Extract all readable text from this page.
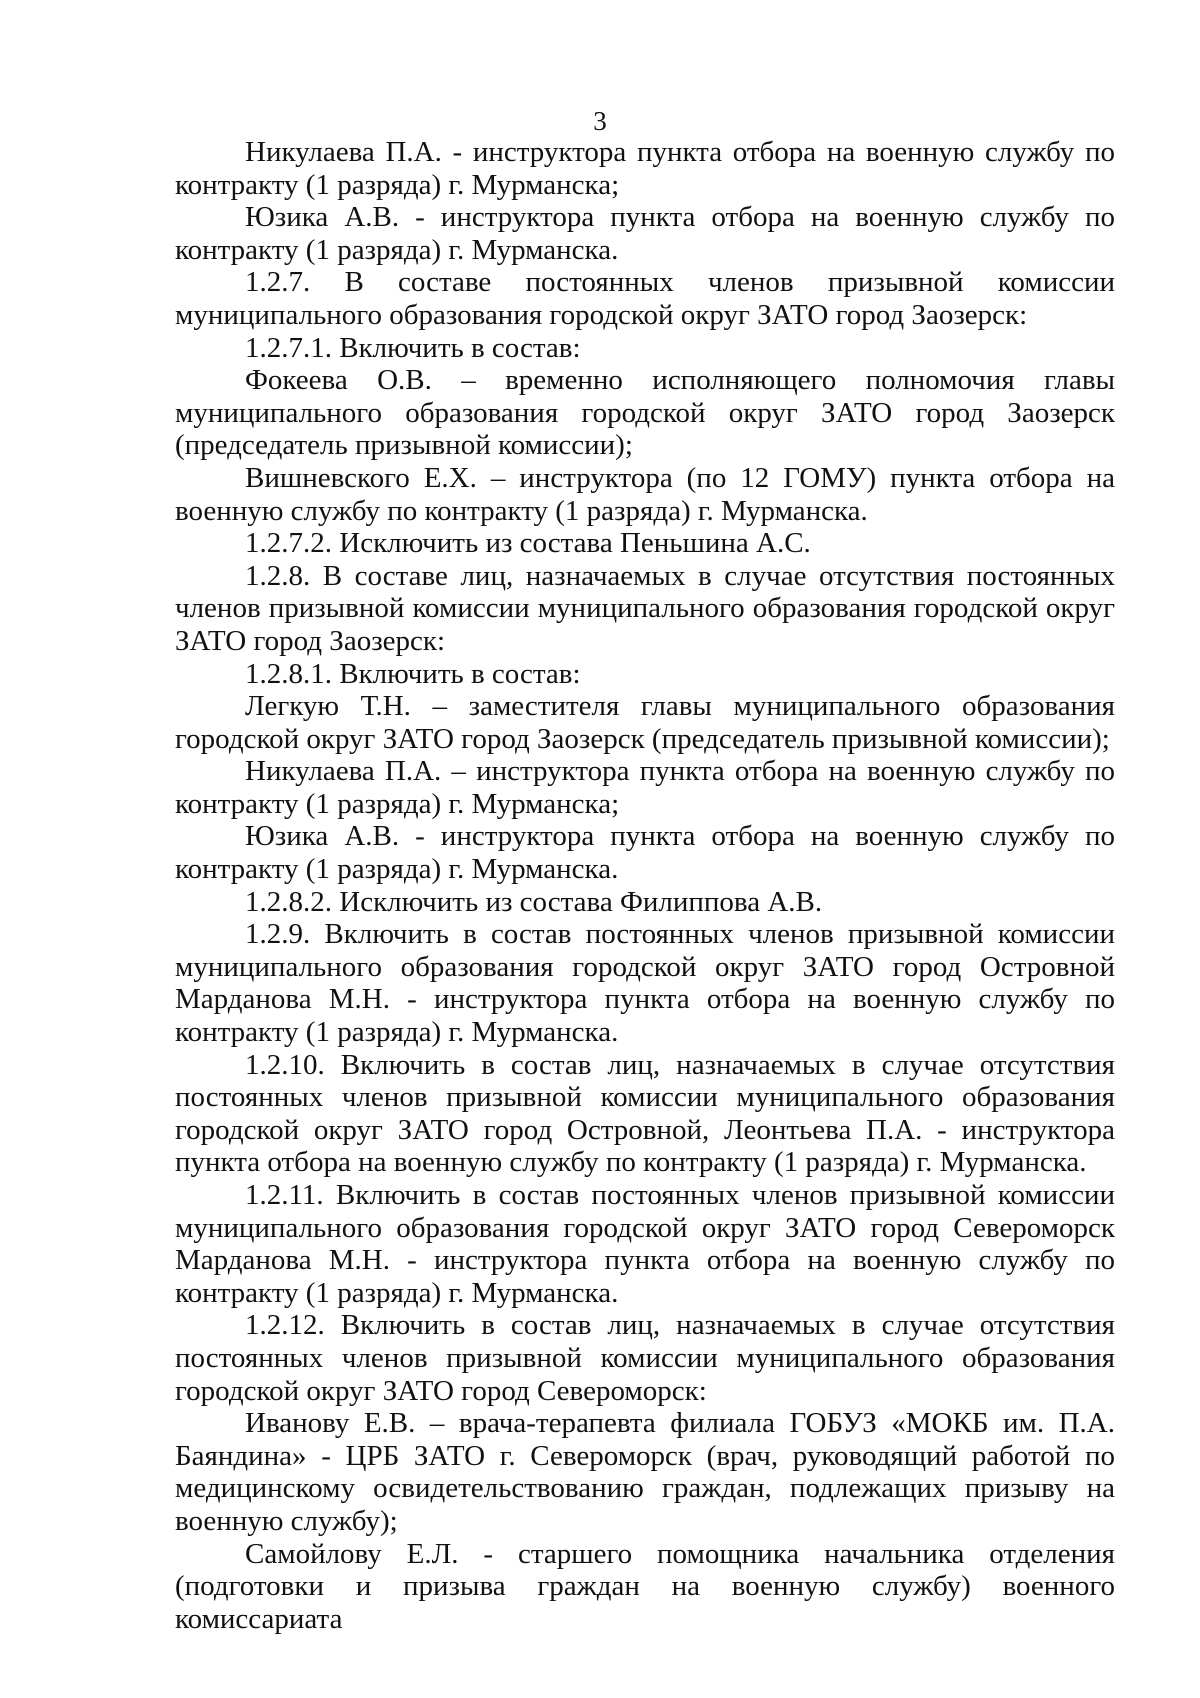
3

Никулаева П.А. - инструктора пункта отбора на военную службу по контракту (1 разряда) г. Мурманска;

Юзика А.В. - инструктора пункта отбора на военную службу по контракту (1 разряда) г. Мурманска.

1.2.7. В составе постоянных членов призывной комиссии муниципального образования городской округ ЗАТО город Заозерск:

1.2.7.1. Включить в состав:

Фокеева О.В. – временно исполняющего полномочия главы муниципального образования городской округ ЗАТО город Заозерск (председатель призывной комиссии);

Вишневского Е.Х. – инструктора (по 12 ГОМУ) пункта отбора на военную службу по контракту (1 разряда) г. Мурманска.

1.2.7.2. Исключить из состава Пеньшина А.С.

1.2.8. В составе лиц, назначаемых в случае отсутствия постоянных членов призывной комиссии муниципального образования городской округ ЗАТО город Заозерск:

1.2.8.1. Включить в состав:

Легкую Т.Н. – заместителя главы муниципального образования городской округ ЗАТО город Заозерск (председатель призывной комиссии);

Никулаева П.А. – инструктора пункта отбора на военную службу по контракту (1 разряда) г. Мурманска;

Юзика А.В. - инструктора пункта отбора на военную службу по контракту (1 разряда) г. Мурманска.

1.2.8.2. Исключить из состава Филиппова А.В.

1.2.9. Включить в состав постоянных членов призывной комиссии муниципального образования городской округ ЗАТО город Островной Марданова М.Н. - инструктора пункта отбора на военную службу по контракту (1 разряда) г. Мурманска.

1.2.10. Включить в состав лиц, назначаемых в случае отсутствия постоянных членов призывной комиссии муниципального образования городской округ ЗАТО город Островной, Леонтьева П.А. - инструктора пункта отбора на военную службу по контракту (1 разряда) г. Мурманска.

1.2.11. Включить в состав постоянных членов призывной комиссии муниципального образования городской округ ЗАТО город Североморск Марданова М.Н. - инструктора пункта отбора на военную службу по контракту (1 разряда) г. Мурманска.

1.2.12. Включить в состав лиц, назначаемых в случае отсутствия постоянных членов призывной комиссии муниципального образования городской округ ЗАТО город Североморск:

Иванову Е.В. – врача-терапевта филиала ГОБУЗ «МОКБ им. П.А. Баяндина» - ЦРБ ЗАТО г. Североморск (врач, руководящий работой по медицинскому освидетельствованию граждан, подлежащих призыву на военную службу);

Самойлову Е.Л. - старшего помощника начальника отделения (подготовки и призыва граждан на военную службу) военного комиссариата
